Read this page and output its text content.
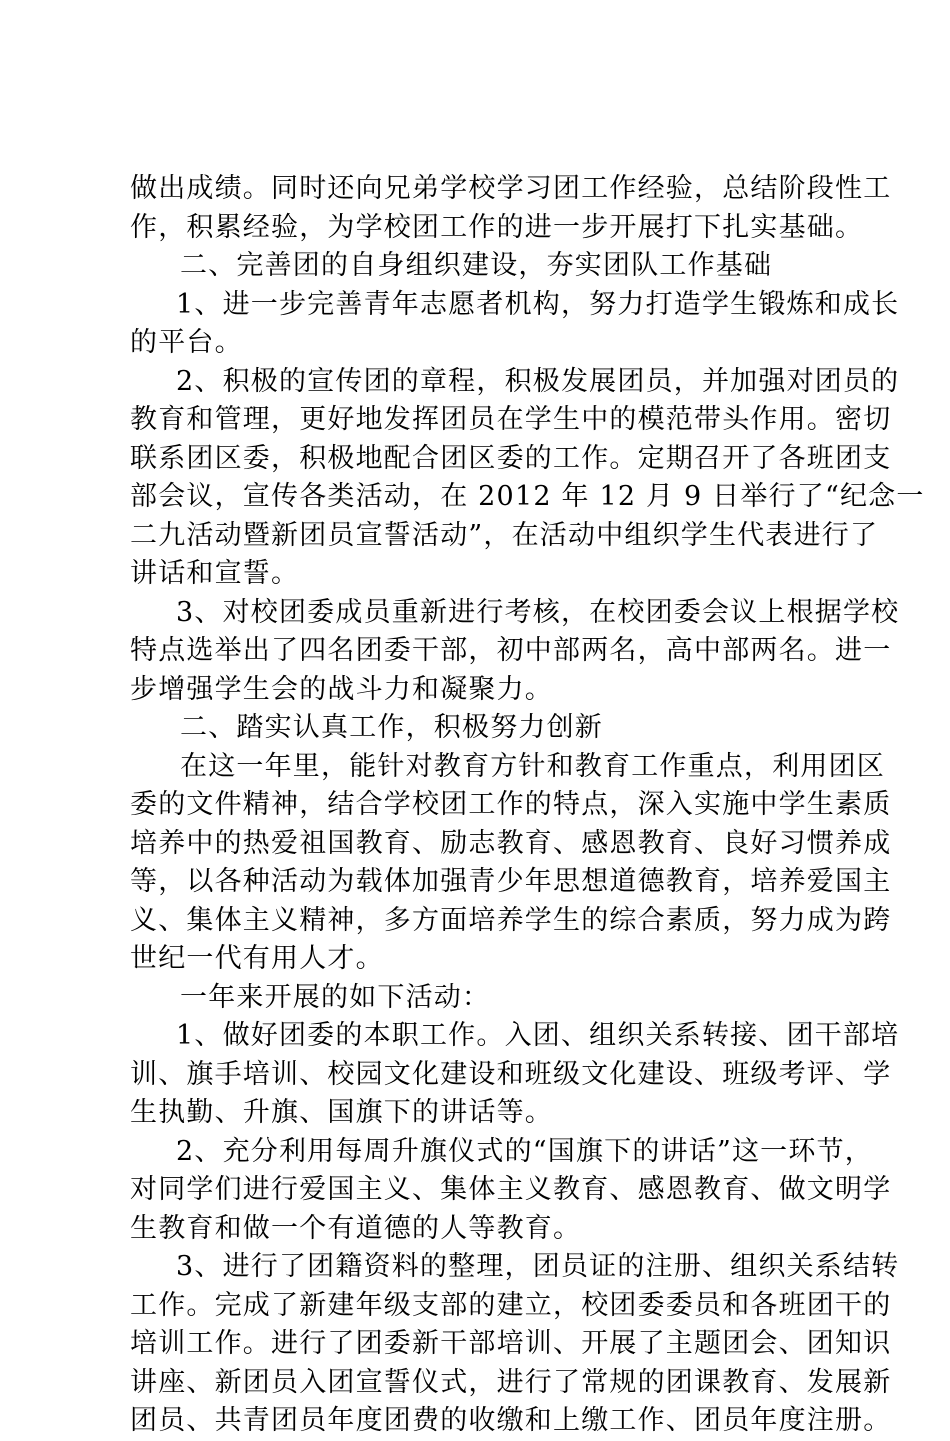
做出成绩。同时还向兄弟学校学习团工作经验，总结阶段性工
作，积累经验，为学校团工作的进一步开展打下扎实基础。
二、完善团的自身组织建设，夯实团队工作基础
1、进一步完善青年志愿者机构，努力打造学生锻炼和成长
的平台。
2、积极的宣传团的章程，积极发展团员，并加强对团员的
教育和管理，更好地发挥团员在学生中的模范带头作用。密切
联系团区委，积极地配合团区委的工作。定期召开了各班团支
部会议，宣传各类活动，在 2012 年 12 月 9 日举行了“纪念一
二九活动暨新团员宣誓活动”，在活动中组织学生代表进行了
讲话和宣誓。
3、对校团委成员重新进行考核，在校团委会议上根据学校
特点选举出了四名团委干部，初中部两名，高中部两名。进一
步增强学生会的战斗力和凝聚力。
二、踏实认真工作，积极努力创新
在这一年里，能针对教育方针和教育工作重点，利用团区
委的文件精神，结合学校团工作的特点，深入实施中学生素质
培养中的热爱祖国教育、励志教育、感恩教育、良好习惯养成
等，以各种活动为载体加强青少年思想道德教育，培养爱国主
义、集体主义精神，多方面培养学生的综合素质，努力成为跨
世纪一代有用人才。
一年来开展的如下活动：
1、做好团委的本职工作。入团、组织关系转接、团干部培
训、旗手培训、校园文化建设和班级文化建设、班级考评、学
生执勤、升旗、国旗下的讲话等。
2、充分利用每周升旗仪式的“国旗下的讲话”这一环节，
对同学们进行爱国主义、集体主义教育、感恩教育、做文明学
生教育和做一个有道德的人等教育。
3、进行了团籍资料的整理，团员证的注册、组织关系结转
工作。完成了新建年级支部的建立，校团委委员和各班团干的
培训工作。进行了团委新干部培训、开展了主题团会、团知识
讲座、新团员入团宣誓仪式，进行了常规的团课教育、发展新
团员、共青团员年度团费的收缴和上缴工作、团员年度注册。
